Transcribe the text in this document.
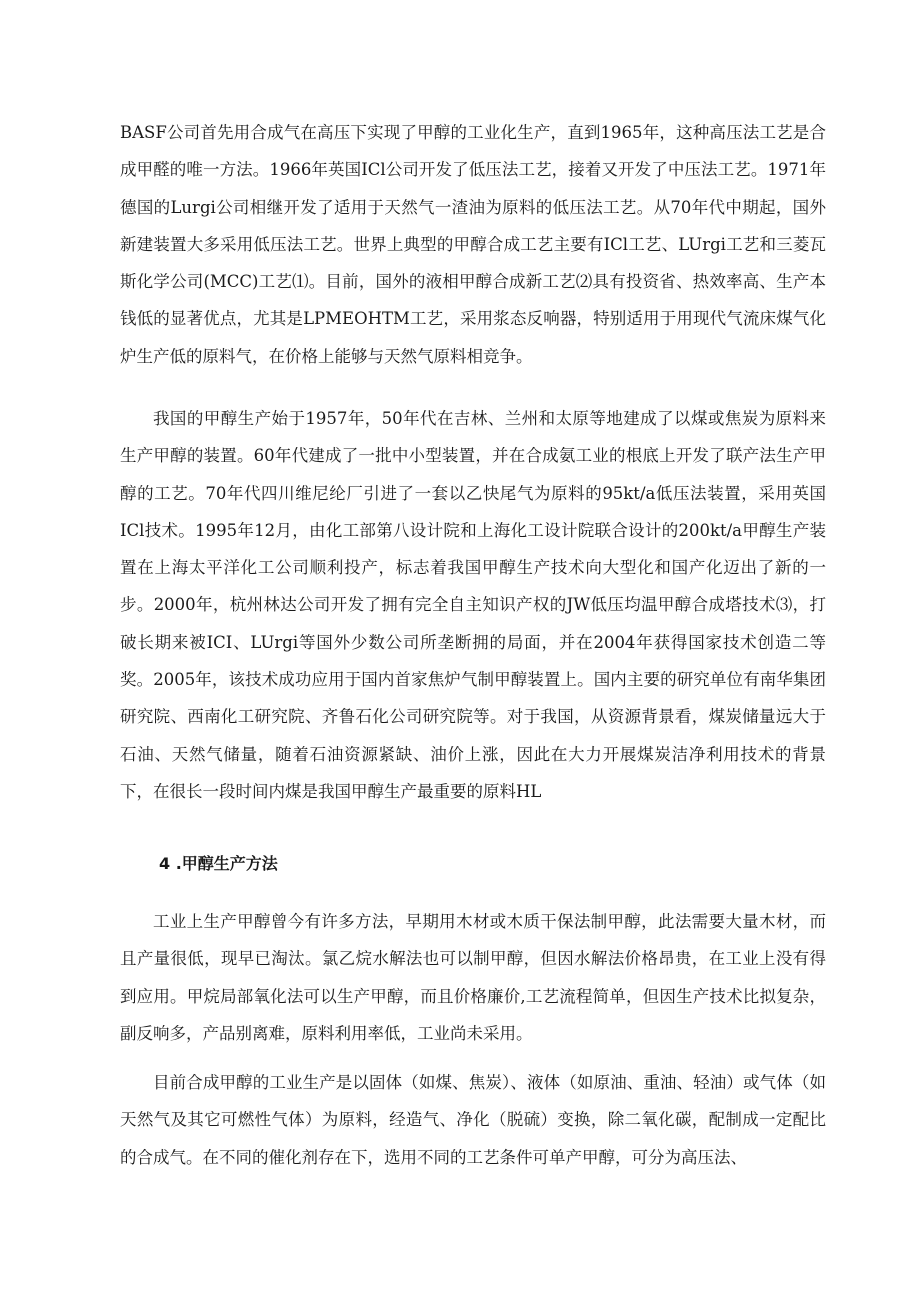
BASF公司首先用合成气在高压下实现了甲醇的工业化生产，直到1965年，这种高压法工艺是合成甲醛的唯一方法。1966年英国ICl公司开发了低压法工艺，接着又开发了中压法工艺。1971年德国的Lurgi公司相继开发了适用于天然气一渣油为原料的低压法工艺。从70年代中期起，国外新建装置大多采用低压法工艺。世界上典型的甲醇合成工艺主要有ICl工艺、LUrgi工艺和三菱瓦斯化学公司(MCC)工艺⑴。目前，国外的液相甲醇合成新工艺⑵具有投资省、热效率高、生产本钱低的显著优点，尤其是LPMEOHTM工艺，采用浆态反响器，特别适用于用现代气流床煤气化炉生产低的原料气，在价格上能够与天然气原料相竞争。

我国的甲醇生产始于1957年，50年代在吉林、兰州和太原等地建成了以煤或焦炭为原料来生产甲醇的装置。60年代建成了一批中小型装置，并在合成氨工业的根底上开发了联产法生产甲醇的工艺。70年代四川维尼纶厂引进了一套以乙快尾气为原料的95kt/a低压法装置，采用英国ICl技术。1995年12月，由化工部第八设计院和上海化工设计院联合设计的200kt/a甲醇生产装置在上海太平洋化工公司顺利投产，标志着我国甲醇生产技术向大型化和国产化迈出了新的一步。2000年，杭州林达公司开发了拥有完全自主知识产权的JW低压均温甲醇合成塔技术⑶，打破长期来被ICI、LUrgi等国外少数公司所垄断拥的局面，并在2004年获得国家技术创造二等奖。2005年，该技术成功应用于国内首家焦炉气制甲醇装置上。国内主要的研究单位有南华集团研究院、西南化工研究院、齐鲁石化公司研究院等。对于我国，从资源背景看，煤炭储量远大于石油、天然气储量，随着石油资源紧缺、油价上涨，因此在大力开展煤炭洁净利用技术的背景下，在很长一段时间内煤是我国甲醇生产最重要的原料HL

4 .甲醇生产方法

工业上生产甲醇曾今有许多方法，早期用木材或木质干保法制甲醇，此法需要大量木材，而且产量很低，现早已淘汰。氯乙烷水解法也可以制甲醇，但因水解法价格昂贵，在工业上没有得到应用。甲烷局部氧化法可以生产甲醇，而且价格廉价,工艺流程简单，但因生产技术比拟复杂，副反响多，产品别离难，原料利用率低，工业尚未采用。

目前合成甲醇的工业生产是以固体（如煤、焦炭）、液体（如原油、重油、轻油）或气体（如天然气及其它可燃性气体）为原料，经造气、净化（脱硫）变换，除二氧化碳，配制成一定配比的合成气。在不同的催化剂存在下，选用不同的工艺条件可单产甲醇，可分为高压法、
